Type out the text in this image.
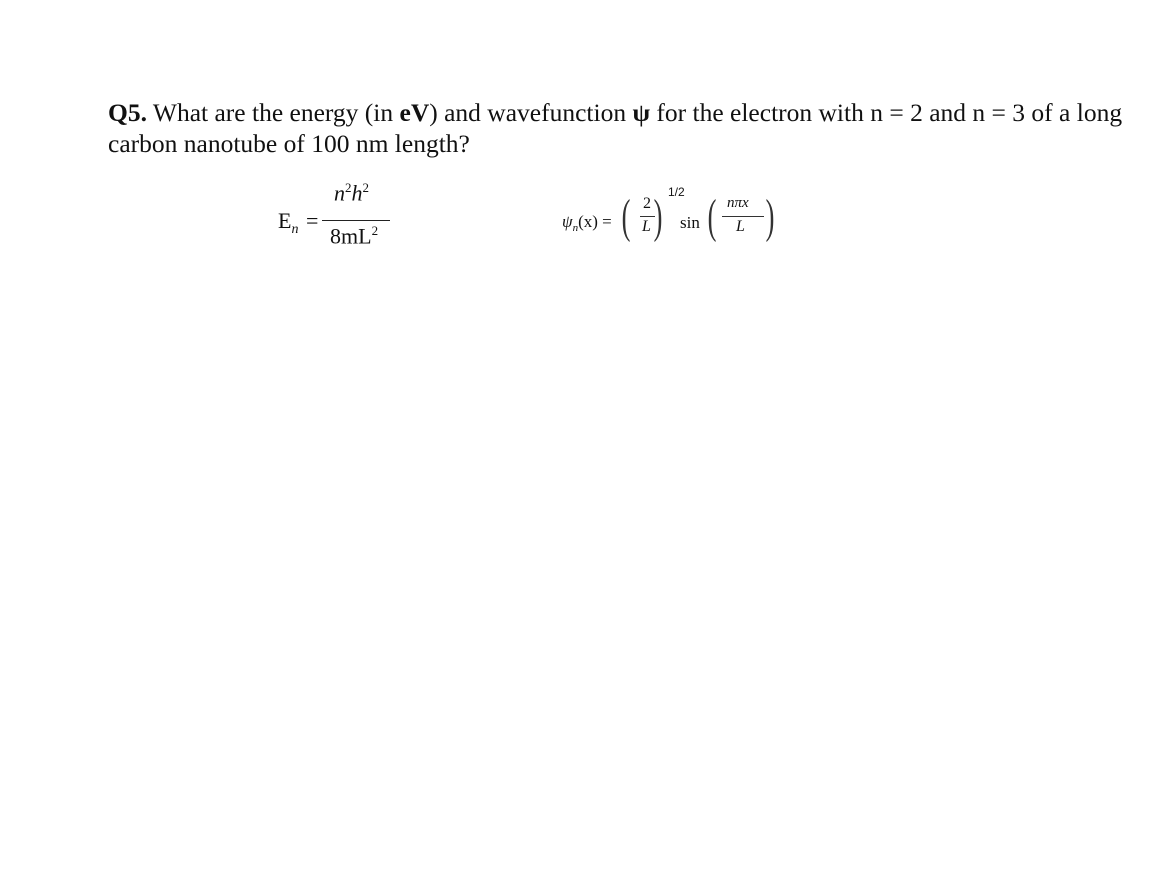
Q5. What are the energy (in eV) and wavefunction ψ for the electron with n = 2 and n = 3 of a long carbon nanotube of 100 nm length?
$E_n$ =
$n^2h^2$
$8mL^2$	$\psi_n(x)$ = ( 2
L ) 1/2
sin ( nπx
L )
